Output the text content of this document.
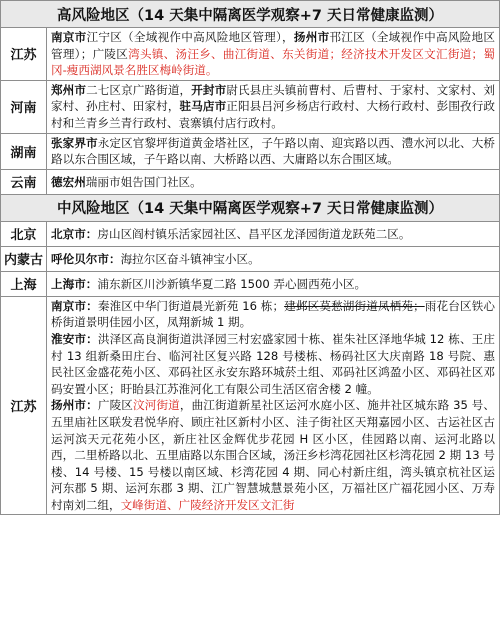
高风险地区（14 天集中隔离医学观察+7 天日常健康监测）	
江苏	南京市江宁区（全域视作中高风险地区管理），扬州市邗江区（全域视作中高风险地区管理）；广陵区湾头镇、汤汪乡、曲江街道、东关街道；经济技术开发区文汇街道；蜀冈-瘦西湖风景名胜区梅岭街道。
河南	郑州市二七区京广路街道，开封市尉氏县庄头镇前曹村、后曹村、于家村、文家村、刘家村、孙庄村、田家村，驻马店市正阳县吕河乡杨店行政村、大杨行政村、彭围孜行政村和兰青乡兰青行政村、袁寨镇付店行政村。
湖南	张家界市永定区官黎坪街道黄金塔社区，子午路以南、迎宾路以西、澧水河以北、大桥路以东合围区域，子午路以南、大桥路以西、大庸路以东合围区域。
云南	德宏州瑞丽市姐告国门社区。
中风险地区（14 天集中隔离医学观察+7 天日常健康监测）	
北京	北京市：房山区阎村镇乐活家园社区、昌平区龙泽园街道龙跃苑二区。
内蒙古	呼伦贝尔市：海拉尔区奋斗镇神宝小区。
上海	上海市：浦东新区川沙新镇华夏二路 1500 弄心圆西苑小区。
江苏	南京市：秦淮区中华门街道晨光新苑 16 栋；建邺区莫愁湖街道凤栖苑；雨花台区铁心桥街道景明佳园小区，凤翔新城 1 期。
淮安市：洪泽区高良涧街道洪泽园三村宏盛家园十栋、崔朱社区泽地华城 12 栋、王庄村 13 组新桑田庄台、临河社区复兴路 128 号楼栋、杨码社区大庆南路 18 号院、惠民社区金盛花苑小区、邓码社区永安东路环城菸土组、邓码社区鸿盈小区、邓码社区邓码安置小区；盱眙县江苏淮河化工有限公司生活区宿舍楼 2 幢。
扬州市：广陵区汶河街道，曲江街道新星社区运河水庭小区、施井社区城东路 35 号、五里庙社区联发君悦华府、顾庄社区新村小区、洼子街社区天翔嘉园小区、古运社区古运河滨天元花苑小区，新庄社区金辉优步花园 H 区小区，佳园路以南、运河北路以西，二里桥路以北、五里庙路以东围合区域，汤汪乡杉湾花园社区杉湾花园 2 期 13 号楼、14 号楼、15 号楼以南区域、杉湾花园 4 期、同心村新庄组，湾头镇京杭社区运河东郡 5 期、运河东郡 3 期、江广智慧城慧景苑小区，万福社区广福花园小区、万寿村南刘二组，文峰街道、广陵经济开发区文汇街
